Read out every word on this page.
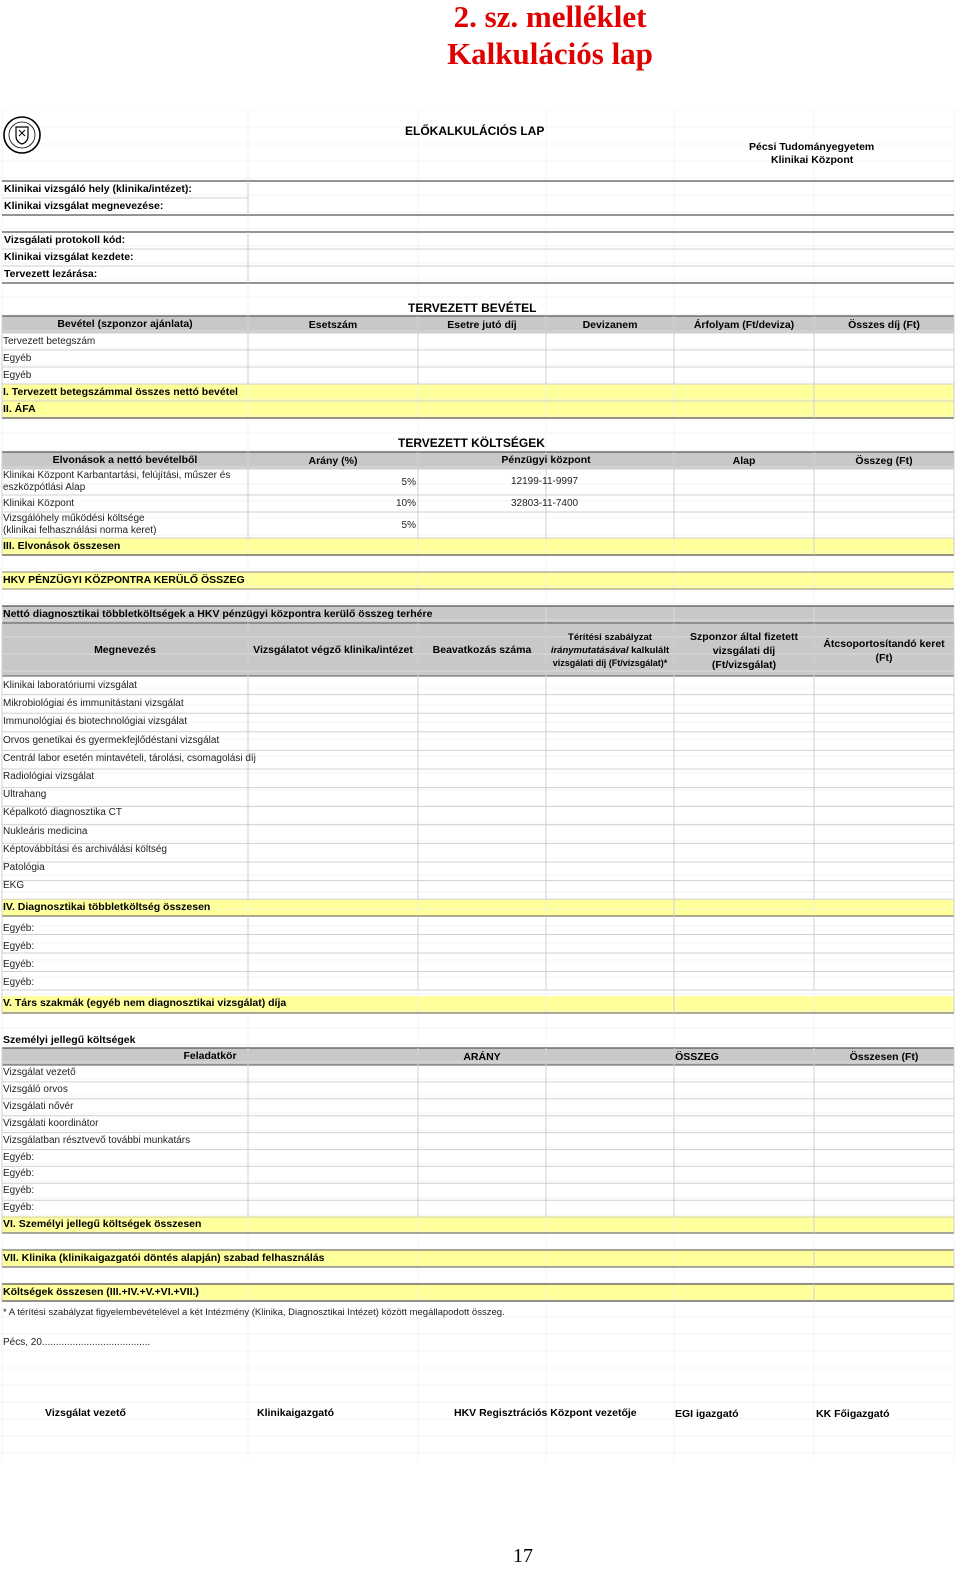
2. sz. melléklet
Kalkulációs lap
ELŐKALKULÁCIÓS LAP
Pécsi Tudományegyetem
Klinikai Központ
Klinikai vizsgáló hely (klinika/intézet):
Klinikai vizsgálat megnevezése:
Vizsgálati protokoll kód:
Klinikai vizsgálat kezdete:
Tervezett lezárása:
TERVEZETT BEVÉTEL
Bevétel (szponzor ajánlata)	Esetszám	Esetre jutó díj	Devizanem	Árfolyam (Ft/deviza)	Összes díj (Ft)
Tervezett betegszám
Egyéb
Egyéb
I. Tervezett betegszámmal összes nettó bevétel
II. ÁFA
TERVEZETT KÖLTSÉGEK
Elvonások a nettó bevételből	Arány (%)	Pénzügyi központ	Alap	Összeg (Ft)
Klinikai Központ Karbantartási, felújítási, műszer és
eszközpótlási Alap	5%	12199-11-9997
Klinikai Központ	10%	32803-11-7400
Vizsgálóhely működési költsége
(klinikai felhasználási norma keret)	5%
III. Elvonások összesen
HKV PÉNZÜGYI KÖZPONTRA KERÜLŐ ÖSSZEG
Nettó diagnosztikai többletköltségek a HKV pénzügyi központra kerülő összeg terhére
Megnevezés	Vizsgálatot végző klinika/intézet	Beavatkozás száma
Térítési szabályzat
iránymutatásával kalkulált
vizsgálati díj (Ft/vizsgálat)*
Szponzor által fizetett
vizsgálati díj
(Ft/vizsgálat)
Átcsoportosítandó keret
(Ft)
Klinikai laboratóriumi vizsgálat
Mikrobiológiai és immunitástani vizsgálat
Immunológiai és biotechnológiai vizsgálat
Orvos genetikai és gyermekfejlődéstani vizsgálat
Centrál labor esetén mintavételi, tárolási, csomagolási díj
Radiológiai vizsgálat
Ultrahang
Képalkotó diagnosztika CT
Nukleáris medicina
Képtovábbítási és archiválási költség
Patológia
EKG
IV. Diagnosztikai többletköltség összesen
Egyéb:
Egyéb:
Egyéb:
Egyéb:
V. Társ szakmák (egyéb nem diagnosztikai vizsgálat) díja
Személyi jellegű költségek
Feladatkör	ARÁNY	ÖSSZEG	Összesen (Ft)
Vizsgálat vezető
Vizsgáló orvos
Vizsgálati nővér
Vizsgálati koordinátor
Vizsgálatban résztvevő további munkatárs
Egyéb:
Egyéb:
Egyéb:
Egyéb:
VI. Személyi jellegű költségek összesen
VII. Klinika (klinikaigazgatói döntés alapján) szabad felhasználás
Költségek összesen (III.+IV.+V.+VI.+VII.)
* A térítési szabályzat figyelembevételével a két Intézmény (Klinika, Diagnosztikai Intézet) között megállapodott összeg.
Pécs, 20.......................................
Vizsgálat vezető	Klinikaigazgató	HKV Regisztrációs Központ vezetője	EGI igazgató	KK Főigazgató
17
